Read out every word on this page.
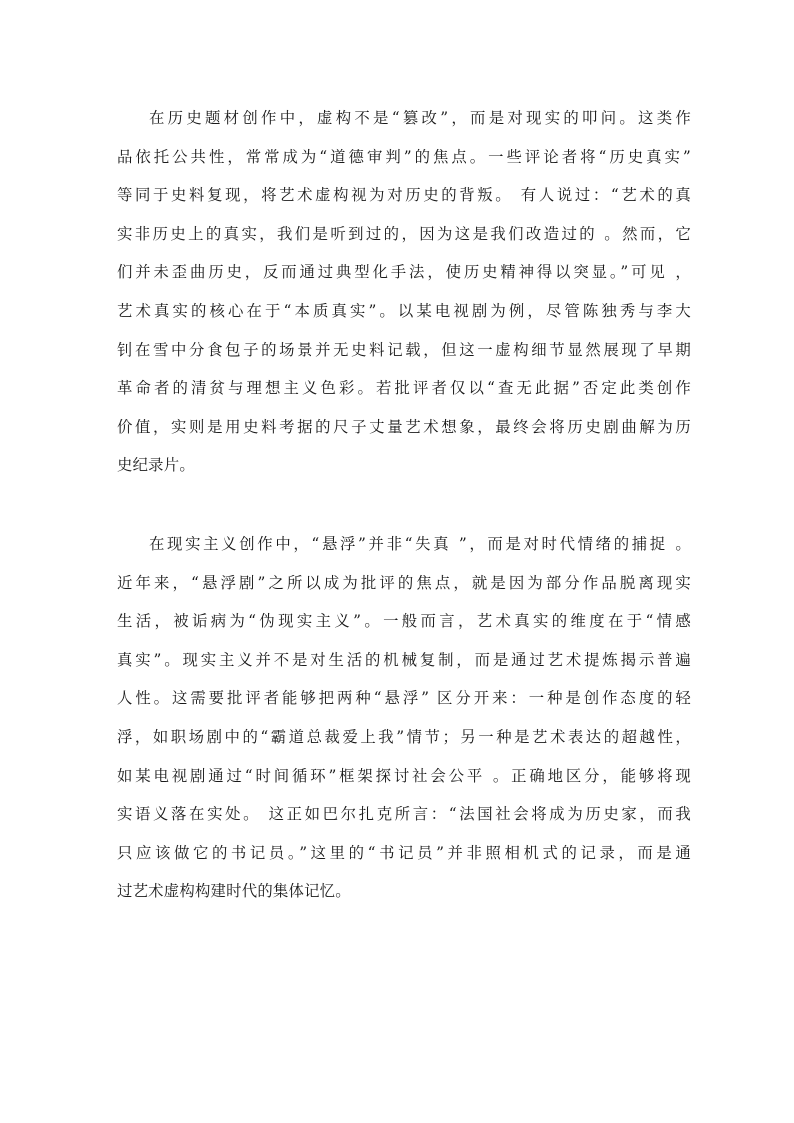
在历史题材创作中，虚构不是“篡改”，而是对现实的叩问。这类作
品依托公共性，常常成为“道德审判”的焦点。一些评论者将“历史真实”
等同于史料复现，将艺术虚构视为对历史的背叛。 有人说过：“艺术的真
实非历史上的真实，我们是听到过的，因为这是我们改造过的 。然而，它
们并未歪曲历史，反而通过典型化手法，使历史精神得以突显。”可见 ，
艺术真实的核心在于“本质真实”。以某电视剧为例，尽管陈独秀与李大
钊在雪中分食包子的场景并无史料记载，但这一虚构细节显然展现了早期
革命者的清贫与理想主义色彩。若批评者仅以“查无此据”否定此类创作
价值，实则是用史料考据的尺子丈量艺术想象，最终会将历史剧曲解为历
史纪录片。
在现实主义创作中，“悬浮”并非“失真 ”，而是对时代情绪的捕捉 。
近年来，“悬浮剧”之所以成为批评的焦点，就是因为部分作品脱离现实
生活，被诟病为“伪现实主义”。一般而言，艺术真实的维度在于“情感
真实”。现实主义并不是对生活的机械复制，而是通过艺术提炼揭示普遍
人性。这需要批评者能够把两种“悬浮” 区分开来：一种是创作态度的轻
浮，如职场剧中的“霸道总裁爱上我”情节；另一种是艺术表达的超越性，
如某电视剧通过“时间循环”框架探讨社会公平 。正确地区分，能够将现
实语义落在实处。 这正如巴尔扎克所言：“法国社会将成为历史家，而我
只应该做它的书记员。”这里的“书记员”并非照相机式的记录，而是通
过艺术虚构构建时代的集体记忆。
